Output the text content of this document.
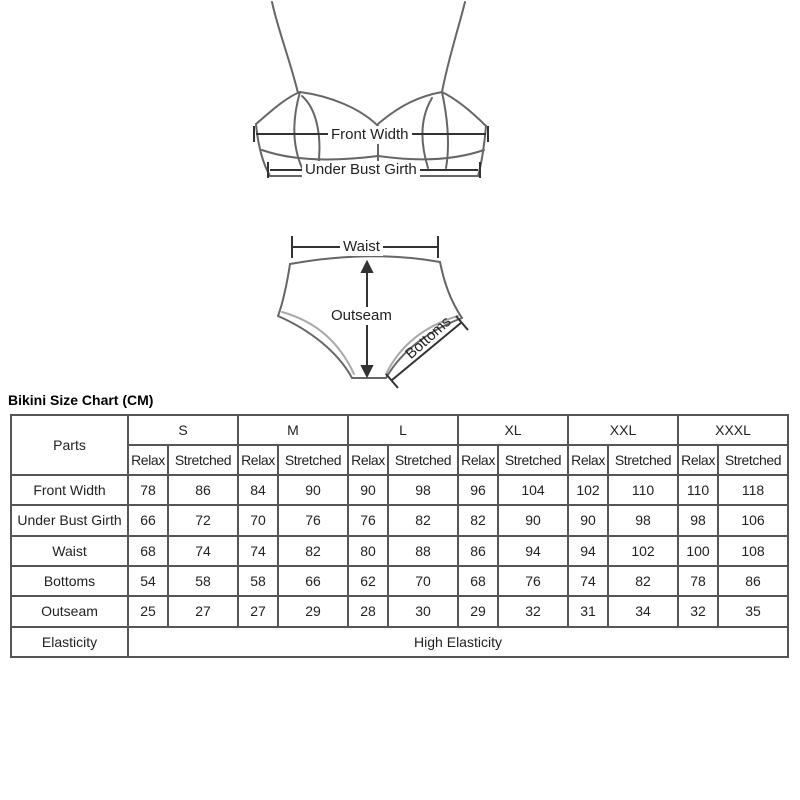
Front Width
Under Bust Girth
Waist
Outseam Bottoms
Bikini Size Chart (CM)
Parts	S		M		L		XL		XXL		XXXL	
	Relax	Stretched	Relax	Stretched	Relax	Stretched	Relax	Stretched	Relax	Stretched	Relax	Stretched
Front Width	78	86	84	90	90	98	96	104	102	110	110	118
Under Bust Girth	66	72	70	76	76	82	82	90	90	98	98	106
Waist	68	74	74	82	80	88	86	94	94	102	100	108
Bottoms	54	58	58	66	62	70	68	76	74	82	78	86
Outseam	25	27	27	29	28	30	29	32	31	34	32	35
Elasticity	High Elasticity											
